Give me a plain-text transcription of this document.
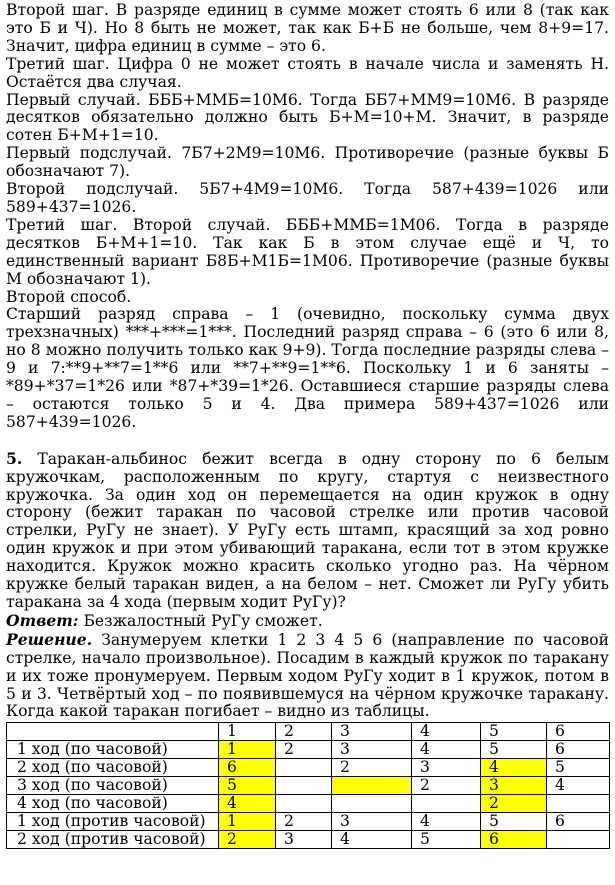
Второй шаг. В разряде единиц в сумме может стоять 6 или 8 (так как это Б и Ч). Но 8 быть не может, так как Б+Б не больше, чем 8+9=17. Значит, цифра единиц в сумме – это 6.

Третий шаг. Цифра 0 не может стоять в начале числа и заменять Н. Остаётся два случая.

Первый случай. БББ+ММБ=10М6. Тогда ББ7+ММ9=10М6. В разряде десятков обязательно должно быть Б+М=10+М. Значит, в разряде сотен Б+М+1=10.

Первый подслучай. 7Б7+2М9=10М6. Противоречие (разные буквы Б обозначают 7).

Второй подслучай. 5Б7+4М9=10М6. Тогда 587+439=1026 или 589+437=1026.

Третий шаг. Второй случай. БББ+ММБ=1М06. Тогда в разряде десятков Б+М+1=10. Так как Б в этом случае ещё и Ч, то единственный вариант Б8Б+М1Б=1М06. Противоречие (разные буквы М обозначают 1).

Второй способ.

Старший разряд справа – 1 (очевидно, поскольку сумма двух трехзначных) ***+***=1***. Последний разряд справа – 6 (это 6 или 8, но 8 можно получить только как 9+9). Тогда последние разряды слева – 9 и 7:**9+**7=1**6 или **7+**9=1**6. Поскольку 1 и 6 заняты – *89+*37=1*26 или *87+*39=1*26. Оставшиеся старшие разряды слева – остаются только 5 и 4. Два примера 589+437=1026 или 587+439=1026.

5. Таракан-альбинос бежит всегда в одну сторону по 6 белым кружочкам, расположенным по кругу, стартуя с неизвестного кружочка. За один ход он перемещается на один кружок в одну сторону (бежит таракан по часовой стрелке или против часовой стрелки, РуГу не знает). У РуГу есть штамп, красящий за ход ровно один кружок и при этом убивающий таракана, если тот в этом кружке находится. Кружок можно красить сколько угодно раз. На чёрном кружке белый таракан виден, а на белом – нет. Сможет ли РуГу убить таракана за 4 хода (первым ходит РуГу)?

Ответ: Безжалостный РуГу сможет.

Решение. Занумеруем клетки 1 2 3 4 5 6 (направление по часовой стрелке, начало произвольное). Посадим в каждый кружок по таракану и их тоже пронумеруем. Первым ходом РуГу ходит в 1 кружок, потом в 5 и 3. Четвёртый ход – по появившемуся на чёрном кружочке таракану. Когда какой таракан погибает – видно из таблицы.

	1	2	3	4	5	6
1 ход (по часовой)	1	2	3	4	5	6
2 ход (по часовой)	6		2	3	4	5
3 ход (по часовой)	5			2	3	4
4 ход (по часовой)	4				2	
1 ход (против часовой)	1	2	3	4	5	6
2 ход (против часовой)	2	3	4	5	6	
